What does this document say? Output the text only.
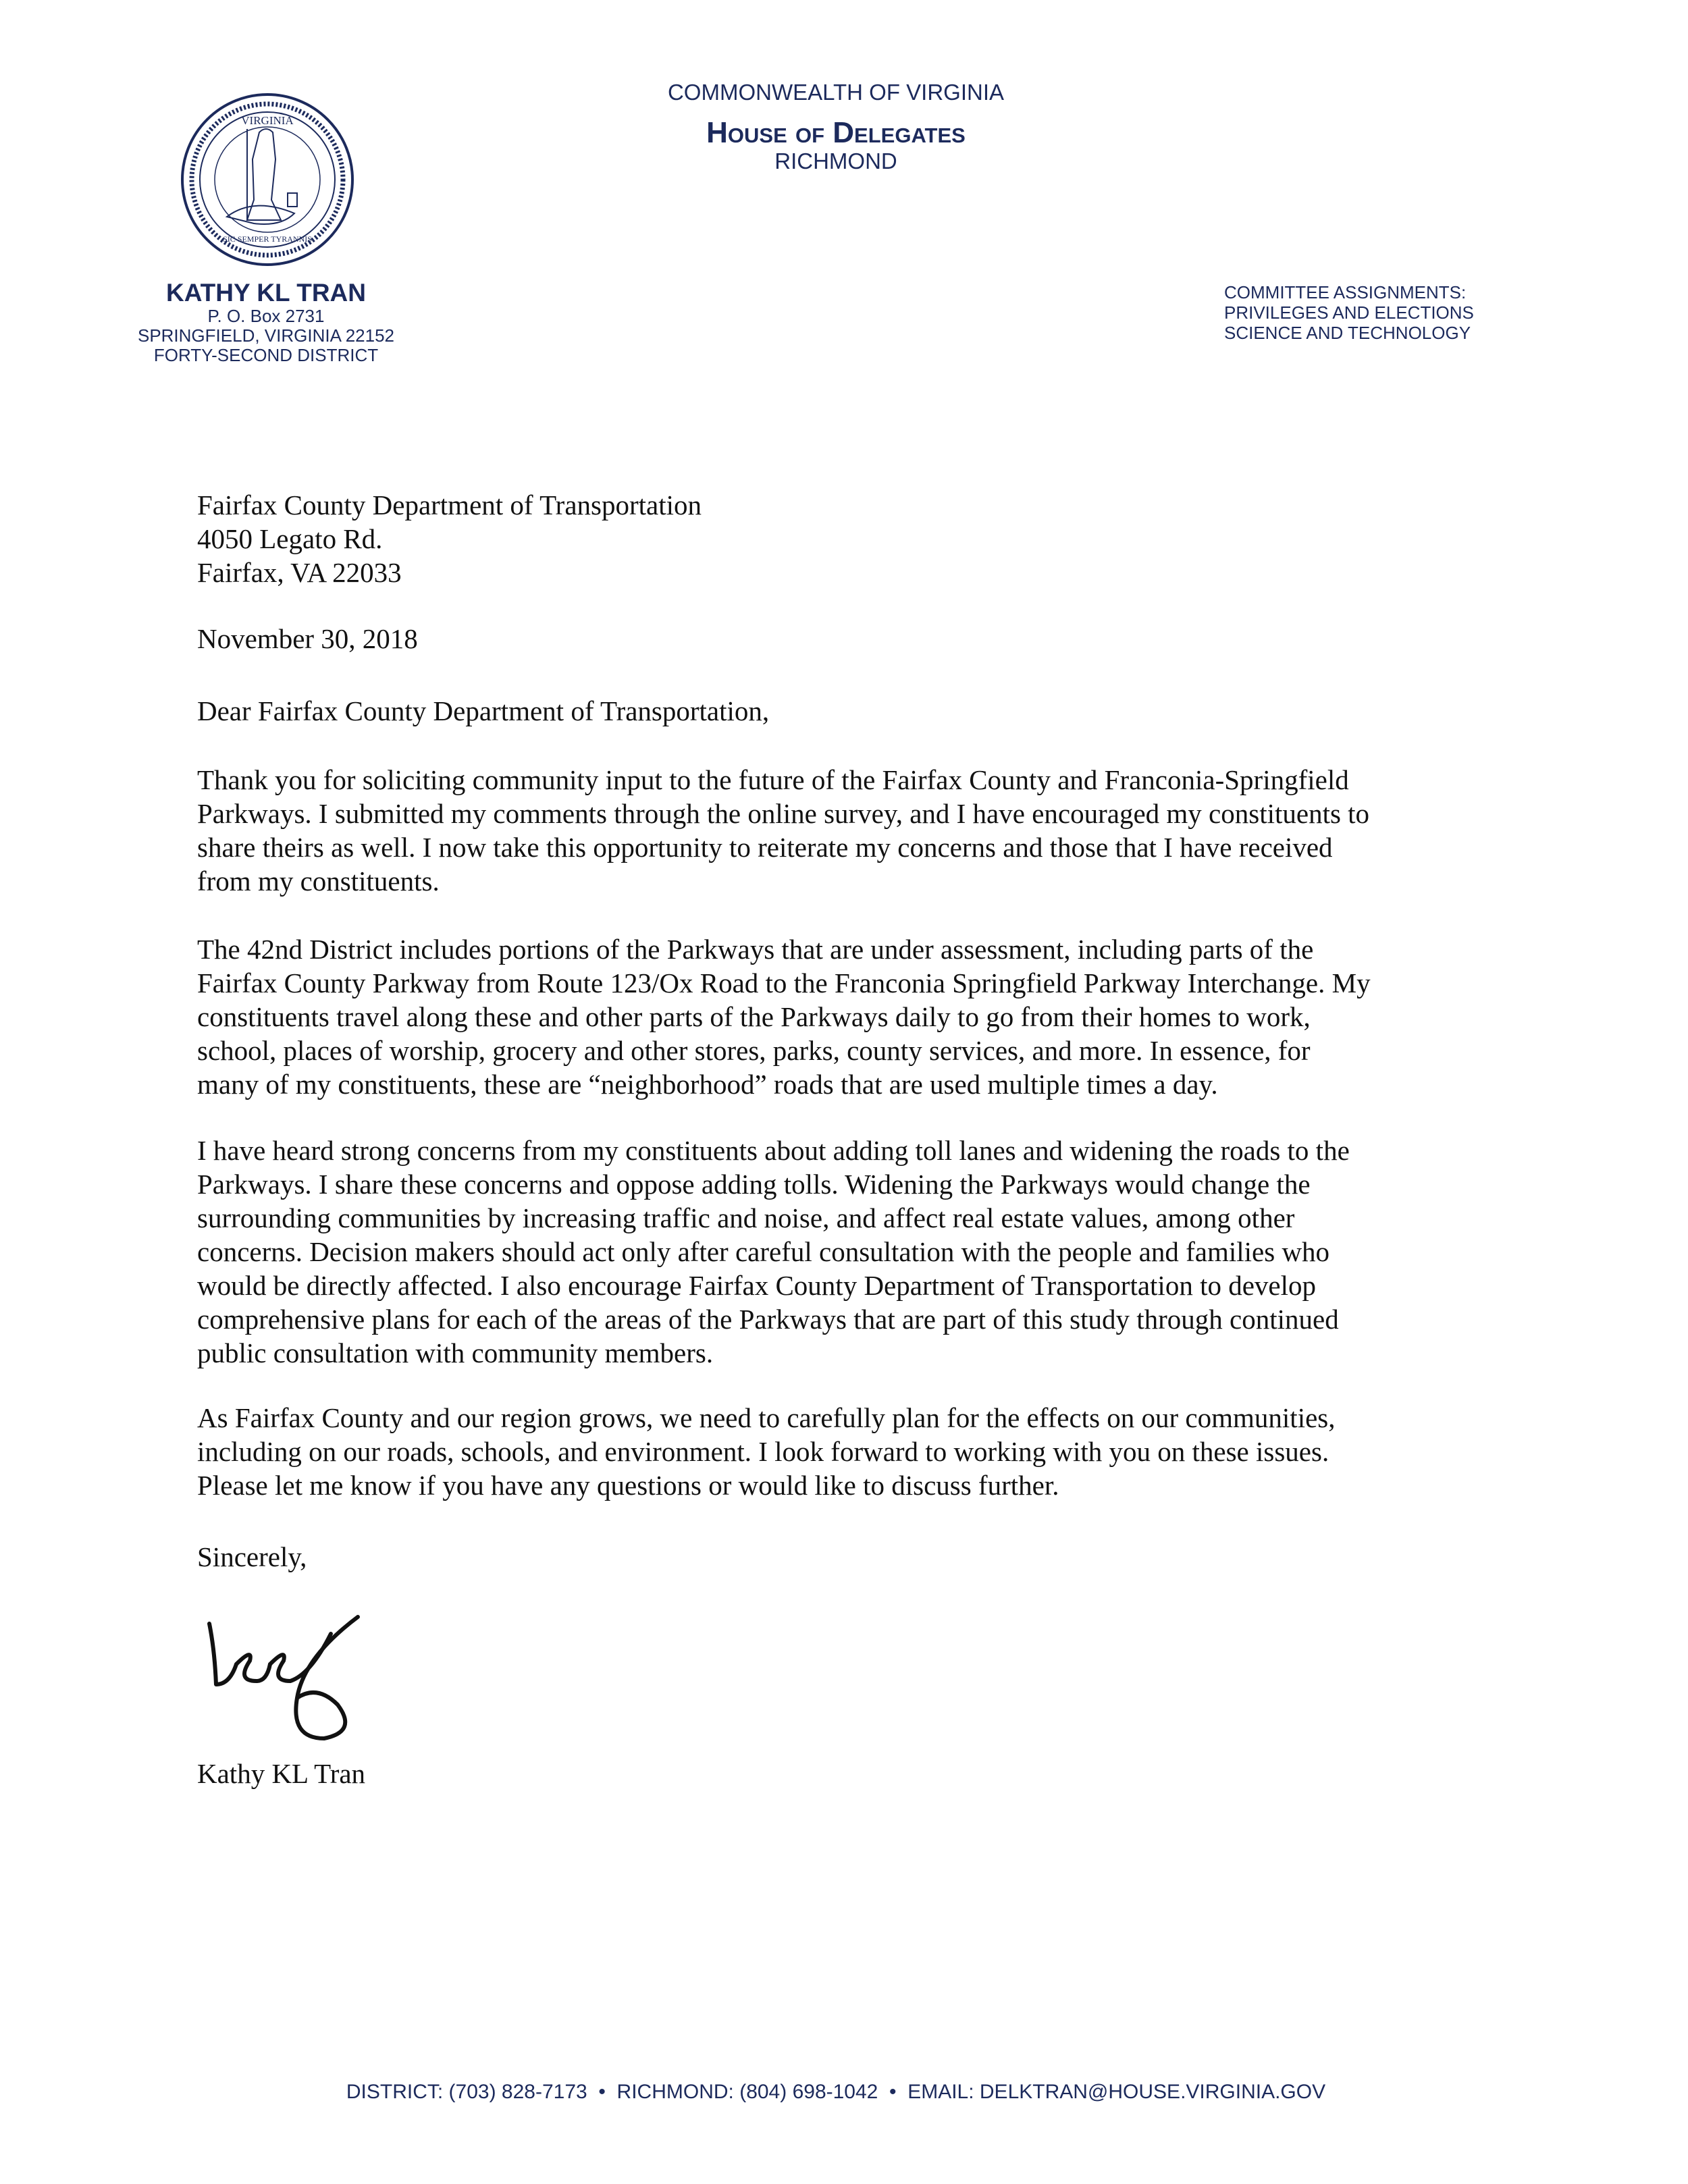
COMMONWEALTH OF VIRGINIA
House of Delegates
RICHMOND
VIRGINIA
SIC SEMPER TYRANNIS
KATHY KL TRAN
P. O. Box 2731
SPRINGFIELD, VIRGINIA 22152
FORTY-SECOND DISTRICT
COMMITTEE ASSIGNMENTS:
PRIVILEGES AND ELECTIONS
SCIENCE AND TECHNOLOGY
Fairfax County Department of Transportation
4050 Legato Rd.
Fairfax, VA 22033
November 30, 2018
Dear Fairfax County Department of Transportation,
Thank you for soliciting community input to the future of the Fairfax County and Franconia-Springfield
Parkways. I submitted my comments through the online survey, and I have encouraged my constituents to
share theirs as well. I now take this opportunity to reiterate my concerns and those that I have received
from my constituents.
The 42nd District includes portions of the Parkways that are under assessment, including parts of the
Fairfax County Parkway from Route 123/Ox Road to the Franconia Springfield Parkway Interchange. My
constituents travel along these and other parts of the Parkways daily to go from their homes to work,
school, places of worship, grocery and other stores, parks, county services, and more. In essence, for
many of my constituents, these are “neighborhood” roads that are used multiple times a day.
I have heard strong concerns from my constituents about adding toll lanes and widening the roads to the
Parkways. I share these concerns and oppose adding tolls. Widening the Parkways would change the
surrounding communities by increasing traffic and noise, and affect real estate values, among other
concerns. Decision makers should act only after careful consultation with the people and families who
would be directly affected. I also encourage Fairfax County Department of Transportation to develop
comprehensive plans for each of the areas of the Parkways that are part of this study through continued
public consultation with community members.
As Fairfax County and our region grows, we need to carefully plan for the effects on our communities,
including on our roads, schools, and environment. I look forward to working with you on these issues.
Please let me know if you have any questions or would like to discuss further.
Sincerely,
Kathy KL Tran
DISTRICT: (703) 828-7173  •  RICHMOND: (804) 698-1042  •  EMAIL: DELKTRAN@HOUSE.VIRGINIA.GOV
